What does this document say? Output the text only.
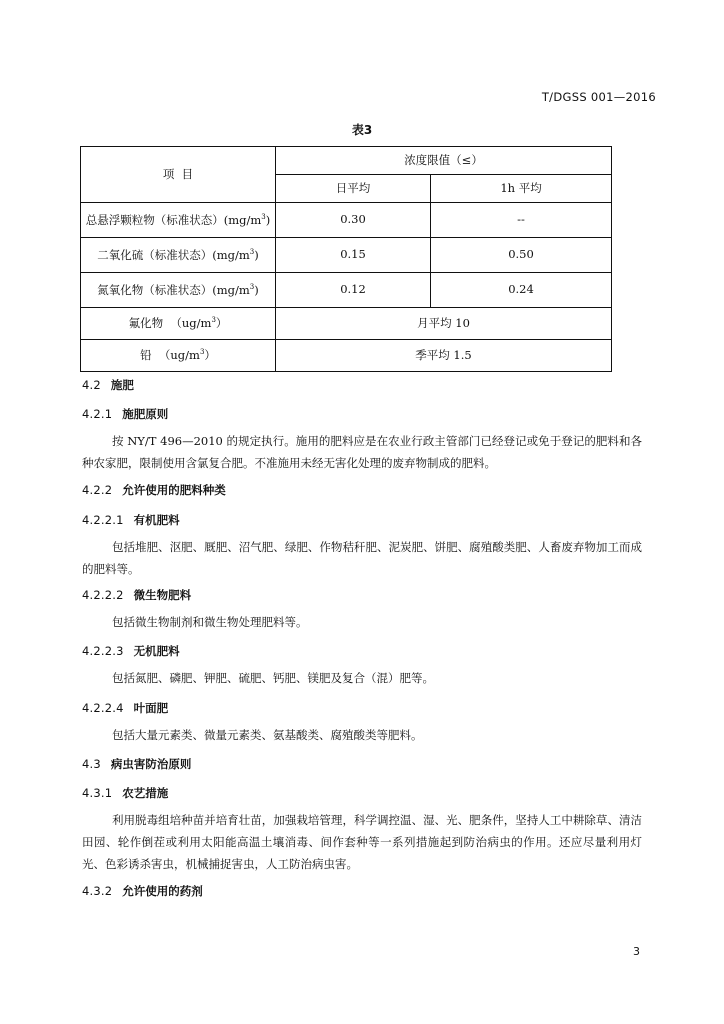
T/DGSS 001—2016
表3
项  目	浓度限值（≤）	
	日平均	1h 平均
总悬浮颗粒物（标准状态）$(mg/m^3)$	0.30	--
二氧化硫（标准状态）$(mg/m^3)$	0.15	0.50
氮氧化物（标准状态）$(mg/m^3)$	0.12	0.24
氟化物  $(ug/m^3)$	月平均 10	
铅  $(ug/m^3)$	季平均 1.5	
4.2 施肥
4.2.1 施肥原则

按 NY/T 496—2010 的规定执行。施用的肥料应是在农业行政主管部门已经登记或免于登记的肥料和各种农家肥，限制使用含氯复合肥。不准施用未经无害化处理的废弃物制成的肥料。

4.2.2 允许使用的肥料种类
4.2.2.1 有机肥料

包括堆肥、沤肥、厩肥、沼气肥、绿肥、作物秸秆肥、泥炭肥、饼肥、腐殖酸类肥、人畜废弃物加工而成的肥料等。

4.2.2.2 微生物肥料

包括微生物制剂和微生物处理肥料等。

4.2.2.3 无机肥料

包括氮肥、磷肥、钾肥、硫肥、钙肥、镁肥及复合（混）肥等。

4.2.2.4 叶面肥

包括大量元素类、微量元素类、氨基酸类、腐殖酸类等肥料。

4.3 病虫害防治原则
4.3.1 农艺措施

利用脱毒组培种苗并培育壮苗，加强栽培管理，科学调控温、湿、光、肥条件，坚持人工中耕除草、清洁田园、轮作倒茬或利用太阳能高温土壤消毒、间作套种等一系列措施起到防治病虫的作用。还应尽量利用灯光、色彩诱杀害虫，机械捕捉害虫，人工防治病虫害。

4.3.2 允许使用的药剂
3
